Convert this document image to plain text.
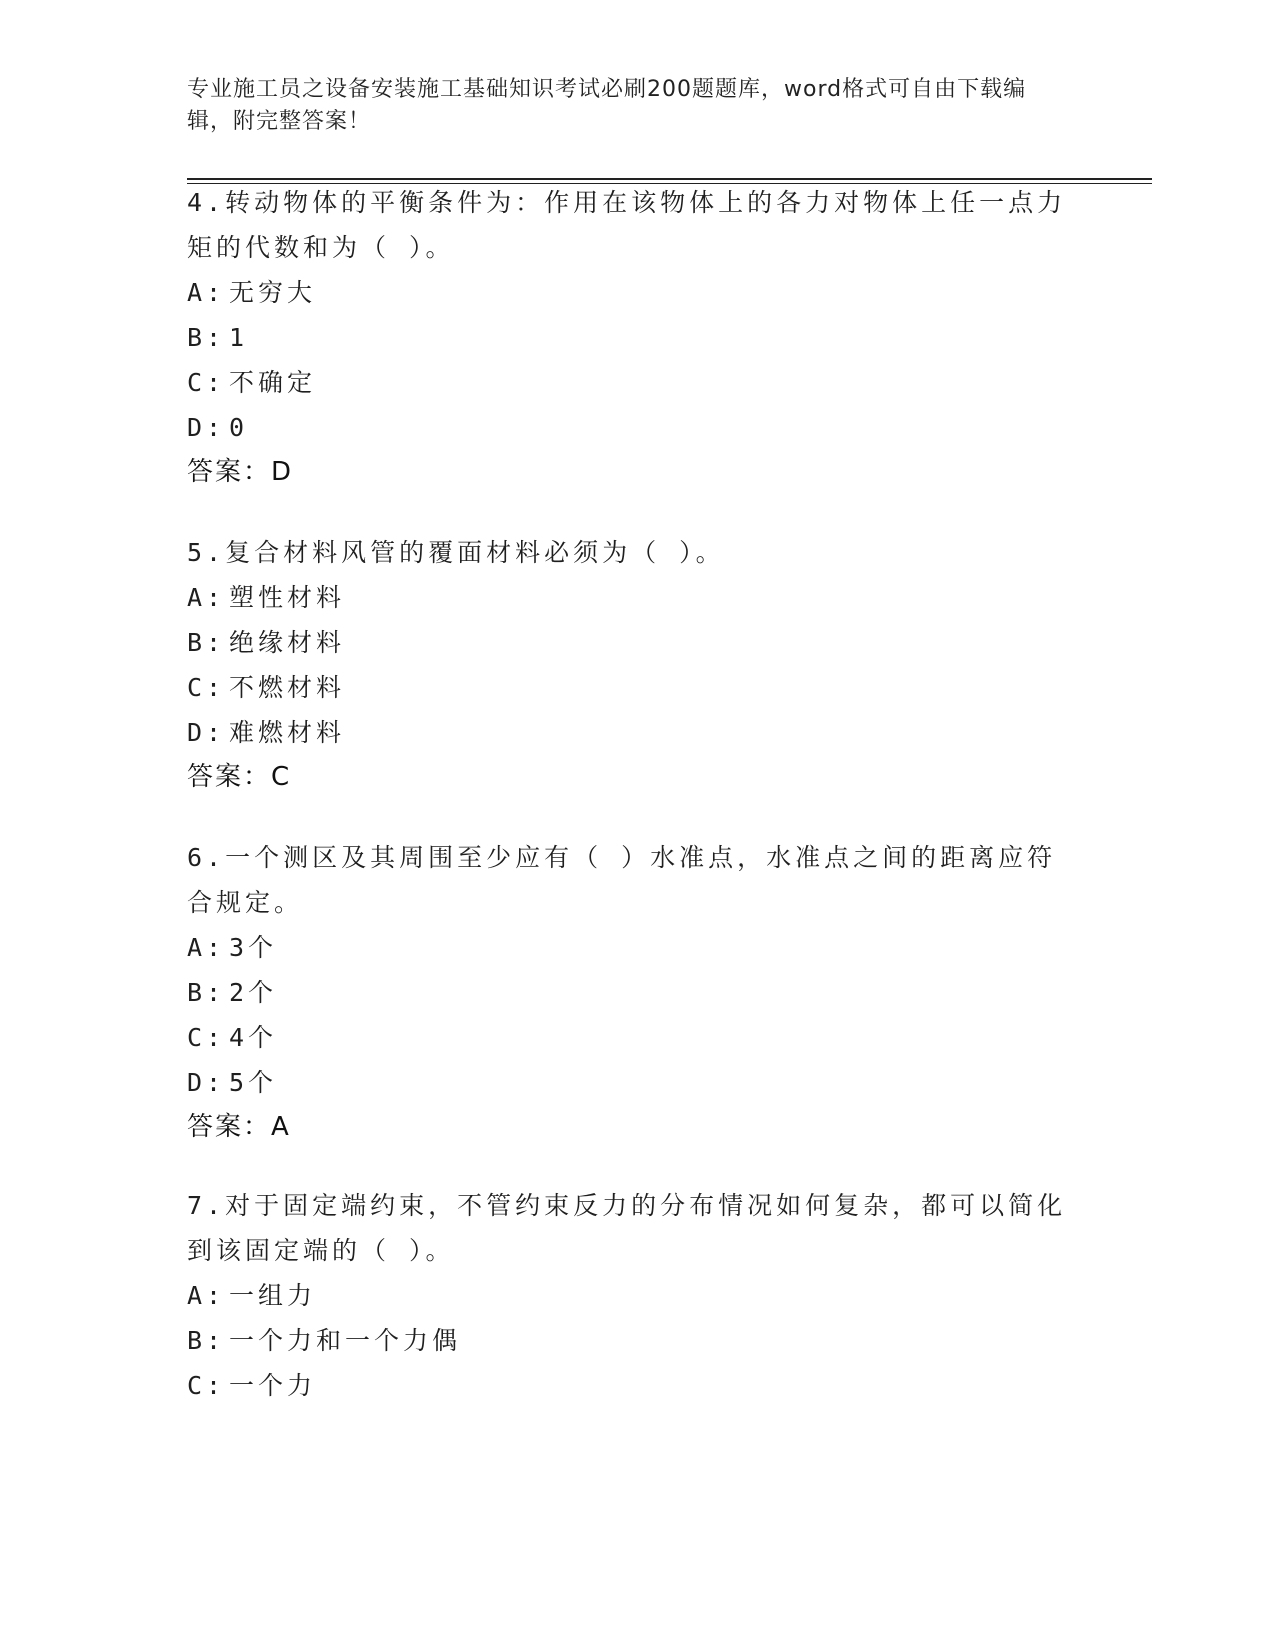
专业施工员之设备安装施工基础知识考试必刷200题题库，word格式可自由下载编辑，附完整答案！

4.转动物体的平衡条件为：作用在该物体上的各力对物体上任一点力矩的代数和为（ ）。

A: 无穷大

B: 1

C: 不确定

D: 0

答案：D

5.复合材料风管的覆面材料必须为（ ）。

A: 塑性材料

B: 绝缘材料

C: 不燃材料

D: 难燃材料

答案：C

6.一个测区及其周围至少应有（ ）水准点，水准点之间的距离应符合规定。

A: 3个

B: 2个

C: 4个

D: 5个

答案：A

7.对于固定端约束，不管约束反力的分布情况如何复杂，都可以简化到该固定端的（ ）。

A: 一组力

B: 一个力和一个力偶

C: 一个力
